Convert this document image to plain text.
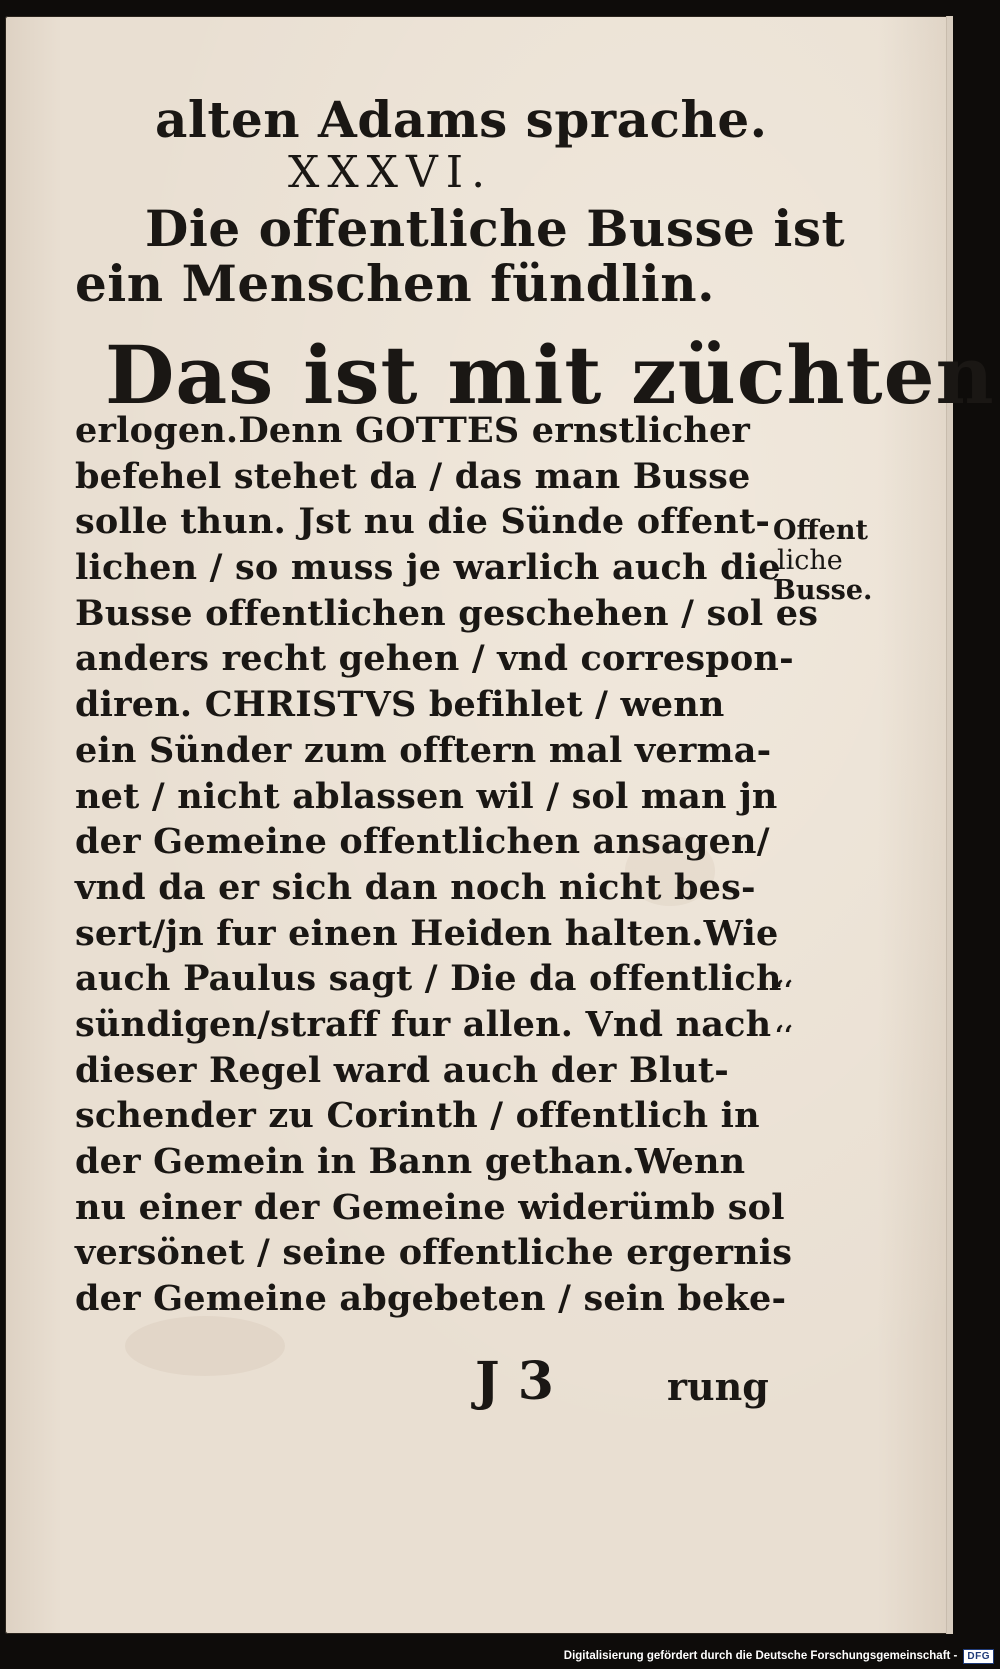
alten Adams sprache.

XXXVI.

Die offentliche Busse ist

ein Menschen fündlin.

Das ist mit züchten

erlogen.Denn GOTTES ernstlicher
befehel stehet da / das man Busse
solle thun. Jst nu die Sünde offent-
lichen / so muss je warlich auch die
Busse offentlichen geschehen / sol es
anders recht gehen / vnd correspon-
diren. CHRISTVS befihlet / wenn
ein Sünder zum offtern mal verma-
net / nicht ablassen wil / sol man jn
der Gemeine offentlichen ansagen/
vnd da er sich dan noch nicht bes-
sert/jn fur einen Heiden halten.Wie
auch Paulus sagt / Die da offentlich
sündigen/straff fur allen. Vnd nach
dieser Regel ward auch der Blut-
schender zu Corinth / offentlich in
der Gemein in Bann gethan.Wenn
nu einer der Gemeine widerümb sol
versönet / seine offentliche ergernis
der Gemeine abgebeten / sein beke-
Offent
liche
Busse.
‘‘
‘‘

J 3	rung

Digitalisierung gefördert durch die Deutsche Forschungsgemeinschaft -	DFG
